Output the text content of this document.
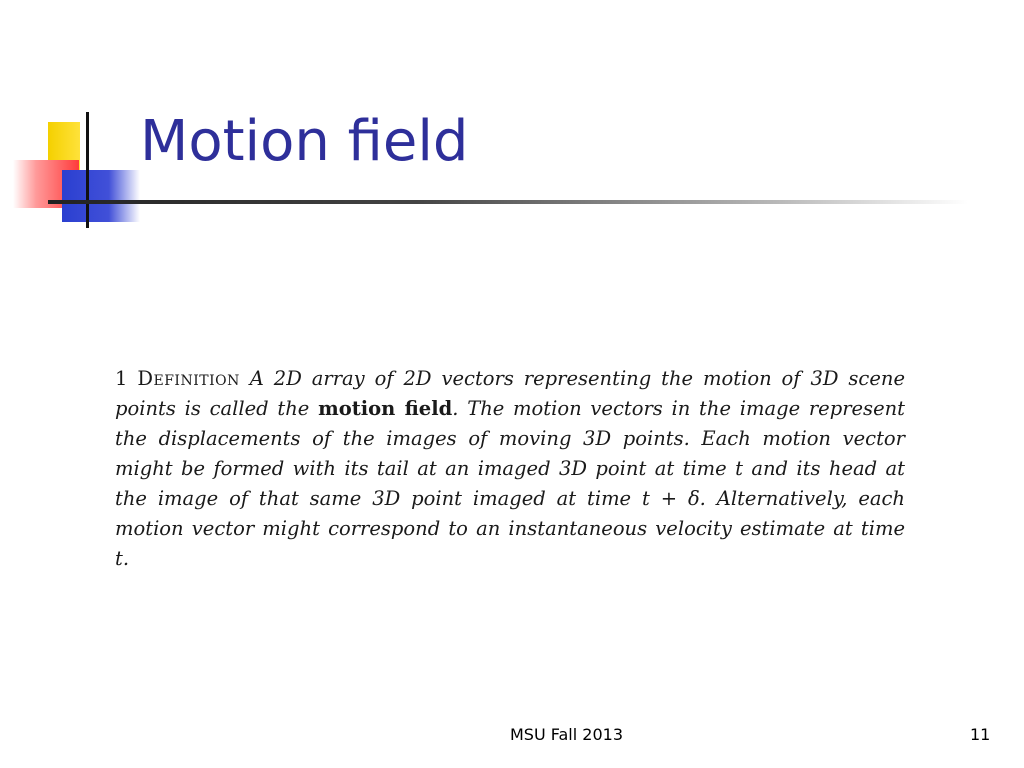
Motion field
1 Definition A 2D array of 2D vectors representing the motion of 3D scene points is called the motion field. The motion vectors in the image represent the displacements of the images of moving 3D points. Each motion vector might be formed with its tail at an imaged 3D point at time t and its head at the image of that same 3D point imaged at time t + δ. Alternatively, each motion vector might correspond to an instantaneous velocity estimate at time t.
MSU Fall 2013	11
